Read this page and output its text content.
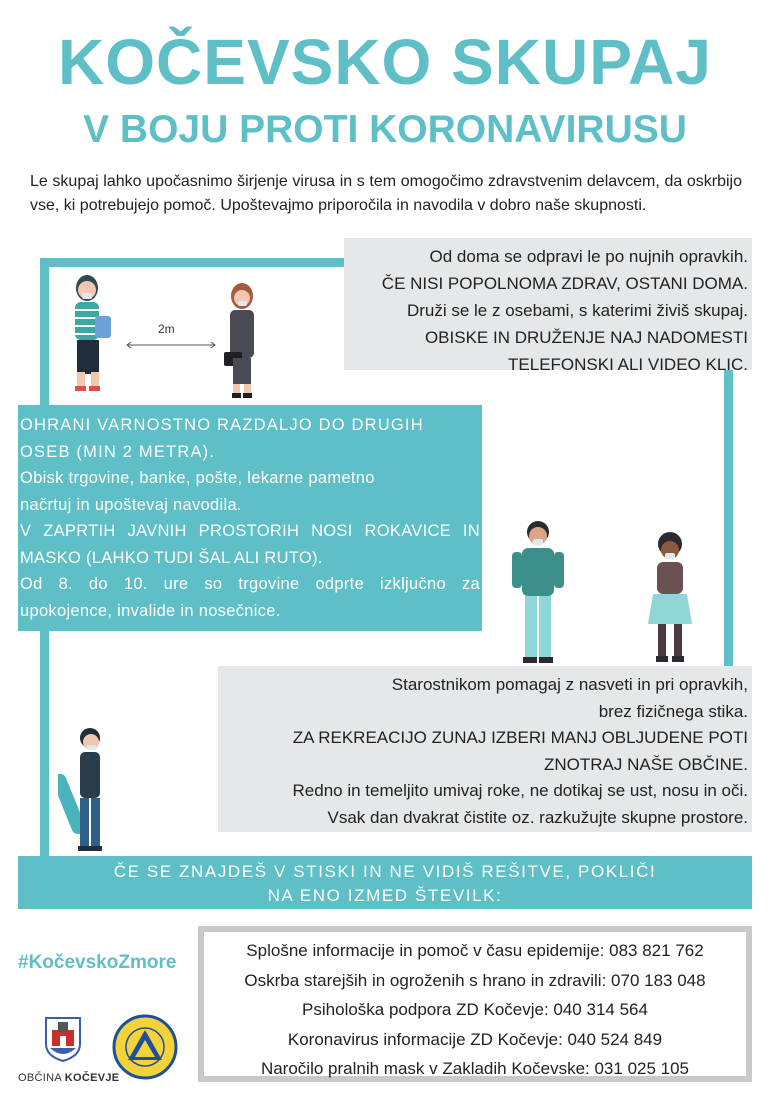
KOČEVSKO SKUPAJ
V BOJU PROTI KORONAVIRUSU
Le skupaj lahko upočasnimo širjenje virusa in s tem omogočimo zdravstvenim delavcem, da oskrbijo vse, ki potrebujejo pomoč. Upoštevajmo priporočila in navodila v dobro naše skupnosti.
2m
Od doma se odpravi le po nujnih opravkih.
ČE NISI POPOLNOMA ZDRAV, OSTANI DOMA.
Druži se le z osebami, s katerimi živiš skupaj.
OBISKE IN DRUŽENJE NAJ NADOMESTI
TELEFONSKI ALI VIDEO KLIC.
OHRANI VARNOSTNO RAZDALJO DO DRUGIH
OSEB (MIN 2 METRA).
Obisk trgovine, banke, pošte, lekarne pametno
načrtuj in upoštevaj navodila.
V ZAPRTIH JAVNIH PROSTORIH NOSI ROKAVICE IN
MASKO (LAHKO TUDI ŠAL ALI RUTO).
Od 8. do 10. ure so trgovine odprte izključno za
upokojence, invalide in nosečnice.
Starostnikom pomagaj z nasveti in pri opravkih,
brez fizičnega stika.
ZA REKREACIJO ZUNAJ IZBERI MANJ OBLJUDENE POTI
ZNOTRAJ NAŠE OBČINE.
Redno in temeljito umivaj roke, ne dotikaj se ust, nosu in oči.
Vsak dan dvakrat čistite oz. razkužujte skupne prostore.
ČE SE ZNAJDEŠ V STISKI IN NE VIDIŠ REŠITVE, POKLIČI
NA ENO IZMED ŠTEVILK:
#KočevskoZmore
Splošne informacije in pomoč v času epidemije: 083 821 762
Oskrba starejših in ogroženih s hrano in zdravili: 070 183 048
Psihološka podpora ZD Kočevje: 040 314 564
Koronavirus informacije ZD Kočevje: 040 524 849
Naročilo pralnih mask v Zakladih Kočevske: 031 025 105
OBČINA KOČEVJE
